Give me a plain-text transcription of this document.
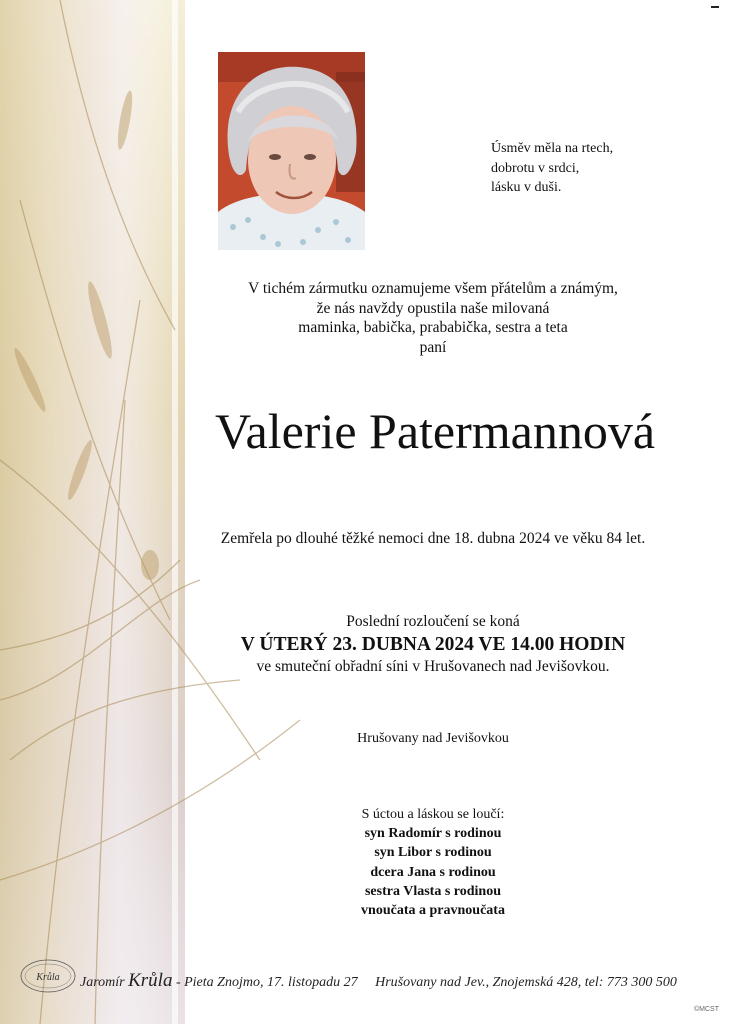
Úsměv měla na rtech,
dobrotu v srdci,
lásku v duši.
V tichém zármutku oznamujeme všem přátelům a známým,
že nás navždy opustila naše milovaná
maminka, babička, prababička, sestra a teta
paní
Valerie Patermannová
Zemřela po dlouhé těžké nemoci dne 18. dubna 2024 ve věku 84 let.
Poslední rozloučení se koná
V ÚTERÝ 23. DUBNA 2024 VE 14.00 HODIN
ve smuteční obřadní síni v Hrušovanech nad Jevišovkou.
Hrušovany nad Jevišovkou
S úctou a láskou se loučí:
syn Radomír s rodinou
syn Libor s rodinou
dcera Jana s rodinou
sestra Vlasta s rodinou
vnoučata a pravnoučata
Krůla Jaromír Krůla - Pieta Znojmo, 17. listopadu 27 Hrušovany nad Jev., Znojemská 428, tel: 773 300 500
©MCST
